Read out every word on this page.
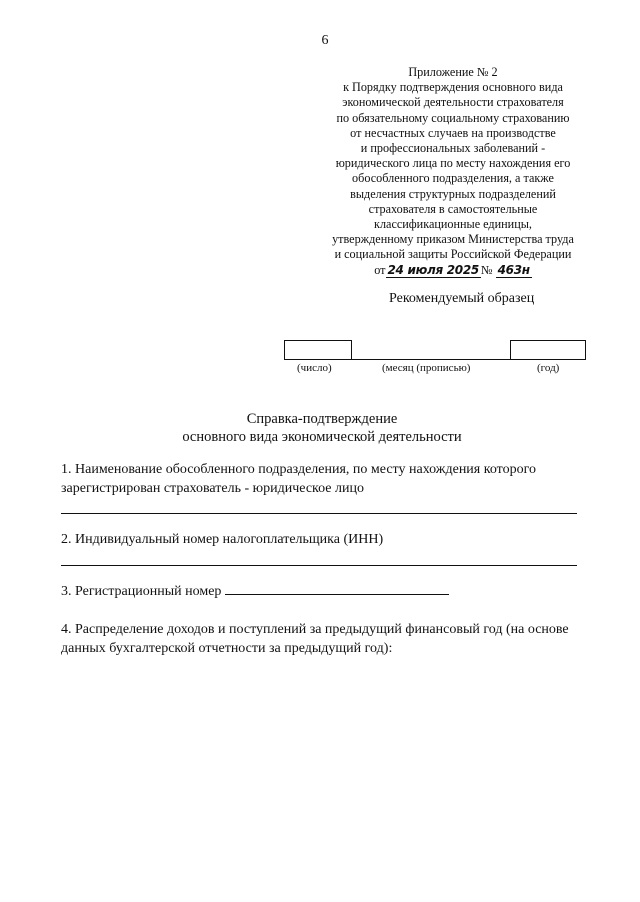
6
Приложение № 2
к Порядку подтверждения основного вида
экономической деятельности страхователя
по обязательному социальному страхованию
от несчастных случаев на производстве
и профессиональных заболеваний -
юридического лица по месту нахождения его
обособленного подразделения, а также
выделения структурных подразделений
страхователя в самостоятельные
классификационные единицы,
утвержденному приказом Министерства труда
и социальной защиты Российской Федерации
от 24 июля 2025 № 463н
Рекомендуемый образец
(число)	(месяц (прописью)	(год)
Справка-подтверждение
основного вида экономической деятельности
1. Наименование обособленного подразделения, по месту нахождения которого зарегистрирован страхователь - юридическое лицо
2. Индивидуальный номер налогоплательщика (ИНН)
3. Регистрационный номер
4. Распределение доходов и поступлений за предыдущий финансовый год (на основе данных бухгалтерской отчетности за предыдущий год):
